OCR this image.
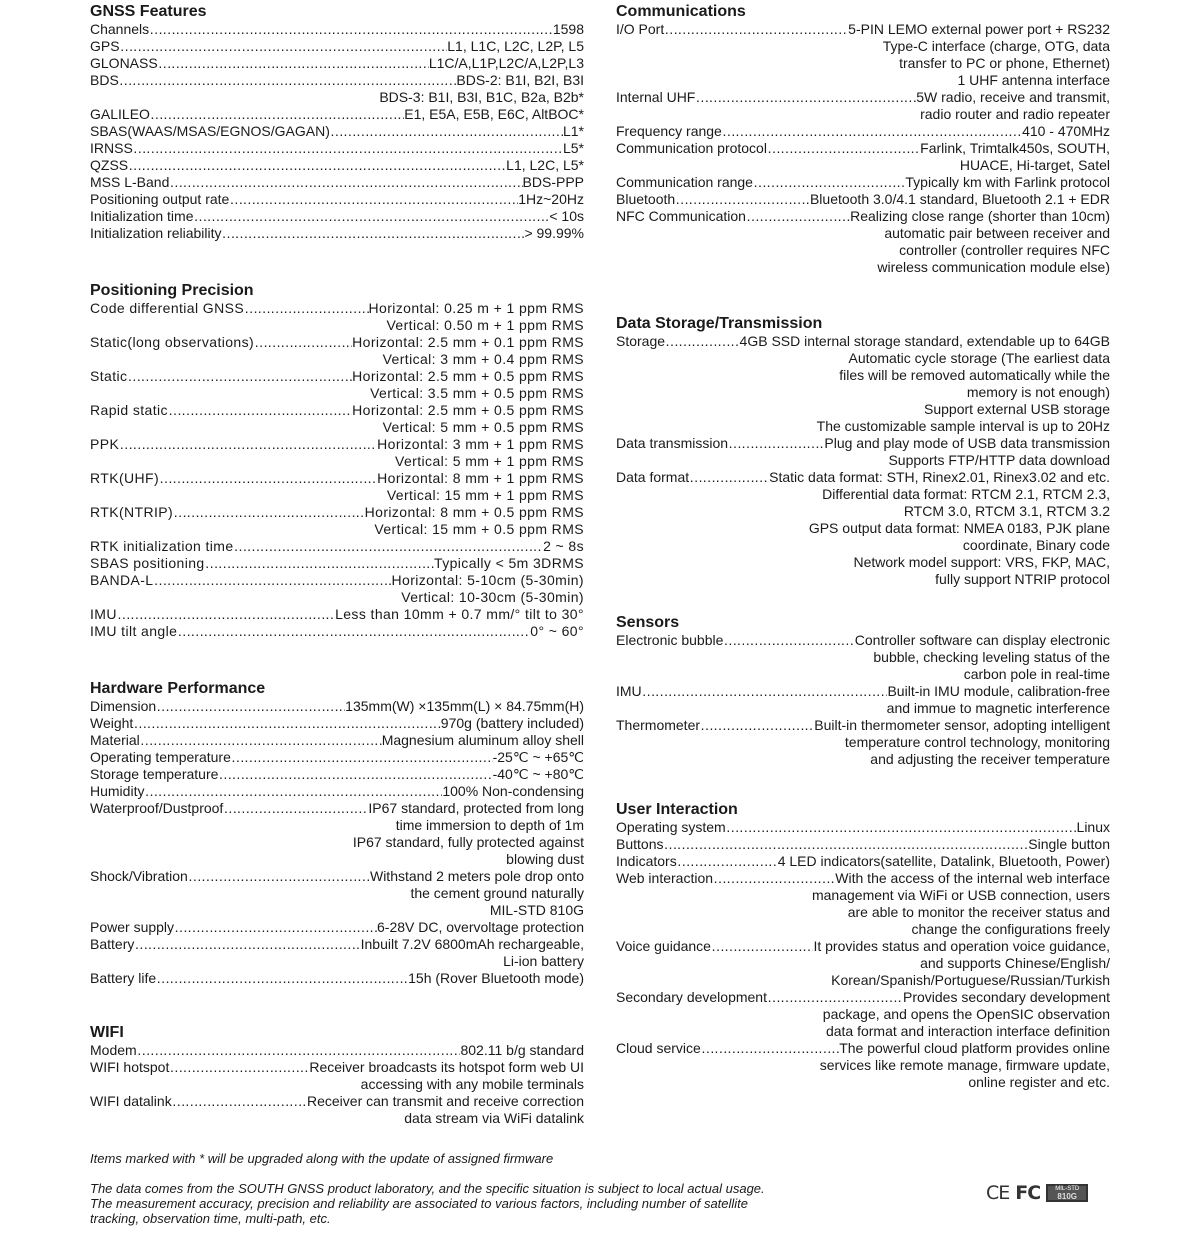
GNSS Features
Channels ……………………………………………………………………………………………………………………………………………………………………	1598
GPS ……………………………………………………………………………………………………………………………………………………………………	L1, L1C, L2C, L2P, L5
GLONASS ……………………………………………………………………………………………………………………………………………………………………	L1C/A,L1P,L2C/A,L2P,L3
BDS ……………………………………………………………………………………………………………………………………………………………………	BDS-2: B1I, B2I, B3I
BDS-3: B1I, B3I, B1C, B2a, B2b*
GALILEO ……………………………………………………………………………………………………………………………………………………………………	E1, E5A, E5B, E6C, AltBOC*
SBAS(WAAS/MSAS/EGNOS/GAGAN) ……………………………………………………………………………………………………………………………………………………………………	L1*
IRNSS ……………………………………………………………………………………………………………………………………………………………………	L5*
QZSS ……………………………………………………………………………………………………………………………………………………………………	L1, L2C, L5*
MSS L-Band ……………………………………………………………………………………………………………………………………………………………………	BDS-PPP
Positioning output rate ……………………………………………………………………………………………………………………………………………………………………	1Hz~20Hz
Initialization time ……………………………………………………………………………………………………………………………………………………………………	< 10s
Initialization reliability ……………………………………………………………………………………………………………………………………………………………………	> 99.99%
Positioning Precision
Code differential GNSS ……………………………………………………………………………………………………………………………………………………………………	Horizontal: 0.25 m + 1 ppm RMS
Vertical: 0.50 m + 1 ppm RMS
Static(long observations) ……………………………………………………………………………………………………………………………………………………………………	Horizontal: 2.5 mm + 0.1 ppm RMS
Vertical: 3 mm + 0.4 ppm RMS
Static ……………………………………………………………………………………………………………………………………………………………………	Horizontal: 2.5 mm + 0.5 ppm RMS
Vertical: 3.5 mm + 0.5 ppm RMS
Rapid static ……………………………………………………………………………………………………………………………………………………………………	Horizontal: 2.5 mm + 0.5 ppm RMS
Vertical: 5 mm + 0.5 ppm RMS
PPK ……………………………………………………………………………………………………………………………………………………………………	Horizontal: 3 mm + 1 ppm RMS
Vertical: 5 mm + 1 ppm RMS
RTK(UHF) ……………………………………………………………………………………………………………………………………………………………………	Horizontal: 8 mm + 1 ppm RMS
Vertical: 15 mm + 1 ppm RMS
RTK(NTRIP) ……………………………………………………………………………………………………………………………………………………………………	Horizontal: 8 mm + 0.5 ppm RMS
Vertical: 15 mm + 0.5 ppm RMS
RTK initialization time ……………………………………………………………………………………………………………………………………………………………………	2 ~ 8s
SBAS positioning ……………………………………………………………………………………………………………………………………………………………………	Typically < 5m 3DRMS
BANDA-L ……………………………………………………………………………………………………………………………………………………………………	Horizontal: 5-10cm (5-30min)
Vertical: 10-30cm (5-30min)
IMU ……………………………………………………………………………………………………………………………………………………………………	Less than 10mm + 0.7 mm/° tilt to 30°
IMU tilt angle ……………………………………………………………………………………………………………………………………………………………………	0° ~ 60°
Hardware Performance
Dimension ……………………………………………………………………………………………………………………………………………………………………	135mm(W) ×135mm(L) × 84.75mm(H)
Weight ……………………………………………………………………………………………………………………………………………………………………	970g (battery included)
Material ……………………………………………………………………………………………………………………………………………………………………	Magnesium aluminum alloy shell
Operating temperature ……………………………………………………………………………………………………………………………………………………………………	-25℃ ~ +65℃
Storage temperature ……………………………………………………………………………………………………………………………………………………………………	-40℃ ~ +80℃
Humidity ……………………………………………………………………………………………………………………………………………………………………	100% Non-condensing
Waterproof/Dustproof ……………………………………………………………………………………………………………………………………………………………………	IP67 standard, protected from long
time immersion to depth of 1m
IP67 standard, fully protected against
blowing dust
Shock/Vibration ……………………………………………………………………………………………………………………………………………………………………	Withstand 2 meters pole drop onto
the cement ground naturally
MIL-STD 810G
Power supply ……………………………………………………………………………………………………………………………………………………………………	6-28V DC, overvoltage protection
Battery ……………………………………………………………………………………………………………………………………………………………………	Inbuilt 7.2V 6800mAh rechargeable,
Li-ion battery
Battery life ……………………………………………………………………………………………………………………………………………………………………	15h (Rover Bluetooth mode)
WIFI
Modem ……………………………………………………………………………………………………………………………………………………………………	802.11 b/g standard
WIFI hotspot ……………………………………………………………………………………………………………………………………………………………………	Receiver broadcasts its hotspot form web UI
accessing with any mobile terminals
WIFI datalink ……………………………………………………………………………………………………………………………………………………………………	Receiver can transmit and receive correction
data stream via WiFi datalink
Communications
I/O Port ……………………………………………………………………………………………………………………………………………………………………	5-PIN LEMO external power port + RS232
Type-C interface (charge, OTG, data
transfer to PC or phone, Ethernet)
1 UHF antenna interface
Internal UHF ……………………………………………………………………………………………………………………………………………………………………	5W radio, receive and transmit,
radio router and radio repeater
Frequency range ……………………………………………………………………………………………………………………………………………………………………	410 - 470MHz
Communication protocol ……………………………………………………………………………………………………………………………………………………………………	Farlink, Trimtalk450s, SOUTH,
HUACE, Hi-target, Satel
Communication range ……………………………………………………………………………………………………………………………………………………………………	Typically km with Farlink protocol
Bluetooth ……………………………………………………………………………………………………………………………………………………………………	Bluetooth 3.0/4.1 standard, Bluetooth 2.1 + EDR
NFC Communication ……………………………………………………………………………………………………………………………………………………………………	Realizing close range (shorter than 10cm)
automatic pair between receiver and
controller (controller requires NFC
wireless communication module else)
Data Storage/Transmission
Storage ……………………………………………………………………………………………………………………………………………………………………	4GB SSD internal storage standard, extendable up to 64GB
Automatic cycle storage (The earliest data
files will be removed automatically while the
memory is not enough)
Support external USB storage
The customizable sample interval is up to 20Hz
Data transmission ……………………………………………………………………………………………………………………………………………………………………	Plug and play mode of USB data transmission
Supports FTP/HTTP data download
Data format ……………………………………………………………………………………………………………………………………………………………………	Static data format: STH, Rinex2.01, Rinex3.02 and etc.
Differential data format: RTCM 2.1, RTCM 2.3,
RTCM 3.0, RTCM 3.1, RTCM 3.2
GPS output data format: NMEA 0183, PJK plane
coordinate, Binary code
Network model support: VRS, FKP, MAC,
fully support NTRIP protocol
Sensors
Electronic bubble ……………………………………………………………………………………………………………………………………………………………………	Controller software can display electronic
bubble, checking leveling status of the
carbon pole in real-time
IMU ……………………………………………………………………………………………………………………………………………………………………	Built-in IMU module, calibration-free
and immue to magnetic interference
Thermometer ……………………………………………………………………………………………………………………………………………………………………	Built-in thermometer sensor, adopting intelligent
temperature control technology, monitoring
and adjusting the receiver temperature
User Interaction
Operating system ……………………………………………………………………………………………………………………………………………………………………	Linux
Buttons ……………………………………………………………………………………………………………………………………………………………………	Single button
Indicators ……………………………………………………………………………………………………………………………………………………………………	4 LED indicators(satellite, Datalink, Bluetooth, Power)
Web interaction ……………………………………………………………………………………………………………………………………………………………………	With the access of the internal web interface
management via WiFi or USB connection, users
are able to monitor the receiver status and
change the configurations freely
Voice guidance ……………………………………………………………………………………………………………………………………………………………………	It provides status and operation voice guidance,
and supports Chinese/English/
Korean/Spanish/Portuguese/Russian/Turkish
Secondary development ……………………………………………………………………………………………………………………………………………………………………	Provides secondary development
package, and opens the OpenSIC observation
data format and interaction interface definition
Cloud service ……………………………………………………………………………………………………………………………………………………………………	The powerful cloud platform provides online
services like remote manage, firmware update,
online register and etc.

Items marked with * will be upgraded along with the update of assigned firmware

The data comes from the SOUTH GNSS product laboratory, and the specific situation is subject to local actual usage.

The measurement accuracy, precision and reliability are associated to various factors, including number of satellite

tracking, observation time, multi-path, etc.

CE FC	MIL-STD
810G
